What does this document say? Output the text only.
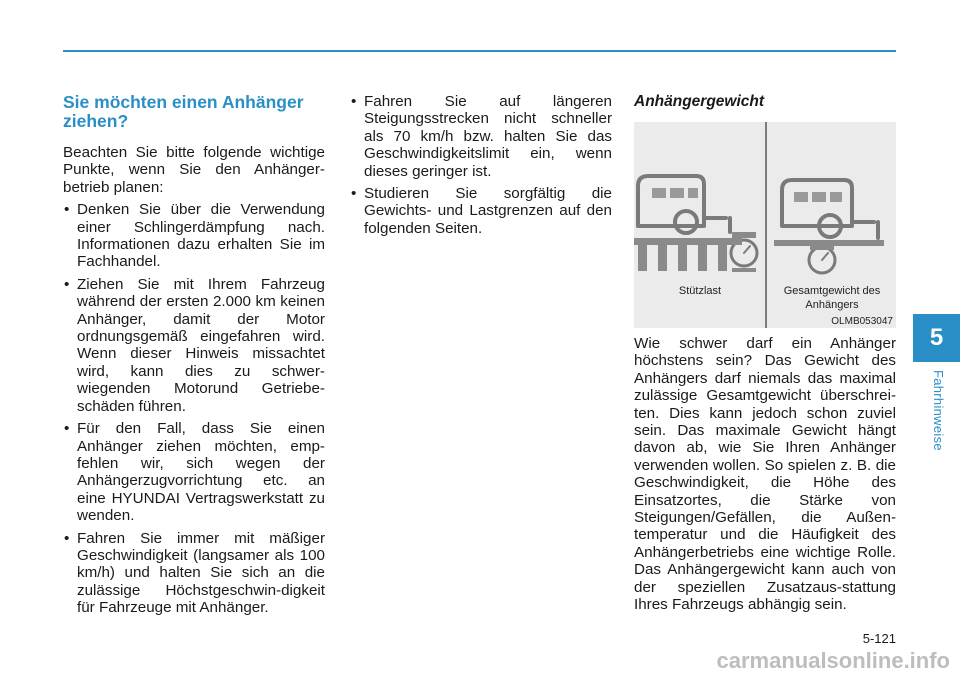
Sie möchten einen Anhänger ziehen?

Beachten Sie bitte folgende wichtige Punkte, wenn Sie den Anhänger-betrieb planen:

• Denken Sie über die Verwendung einer Schlingerdämpfung nach. Informationen dazu erhalten Sie im Fachhandel.
• Ziehen Sie mit Ihrem Fahrzeug während der ersten 2.000 km keinen Anhänger, damit der Motor ordnungsgemäß eingefahren wird. Wenn dieser Hinweis missachtet wird, kann dies zu schwer-wiegenden Motorund Getriebe-schäden führen.
• Für den Fall, dass Sie einen Anhänger ziehen möchten, emp-fehlen wir, sich wegen der Anhängerzugvorrichtung etc. an eine HYUNDAI Vertragswerkstatt zu wenden.
• Fahren Sie immer mit mäßiger Geschwindigkeit (langsamer als 100 km/h) und halten Sie sich an die zulässige Höchstgeschwin-digkeit für Fahrzeuge mit Anhänger.
• Fahren Sie auf längeren Steigungsstrecken nicht schneller als 70 km/h bzw. halten Sie das Geschwindigkeitslimit ein, wenn dieses geringer ist.
• Studieren Sie sorgfältig die Gewichts- und Lastgrenzen auf den folgenden Seiten.
Anhängergewicht
Stützlast	Gesamtgewicht des Anhängers
OLMB053047

Wie schwer darf ein Anhänger höchstens sein? Das Gewicht des Anhängers darf niemals das maximal zulässige Gesamtgewicht überschrei-ten. Dies kann jedoch schon zuviel sein. Das maximale Gewicht hängt davon ab, wie Sie Ihren Anhänger verwenden wollen. So spielen z. B. die Geschwindigkeit, die Höhe des Einsatzortes, die Stärke von Steigungen/Gefällen, die Außen-temperatur und die Häufigkeit des Anhängerbetriebs eine wichtige Rolle. Das Anhängergewicht kann auch von der speziellen Zusatzaus-stattung Ihres Fahrzeugs abhängig sein.

5
Fahrhinweise
5-121
carmanualsonline.info
